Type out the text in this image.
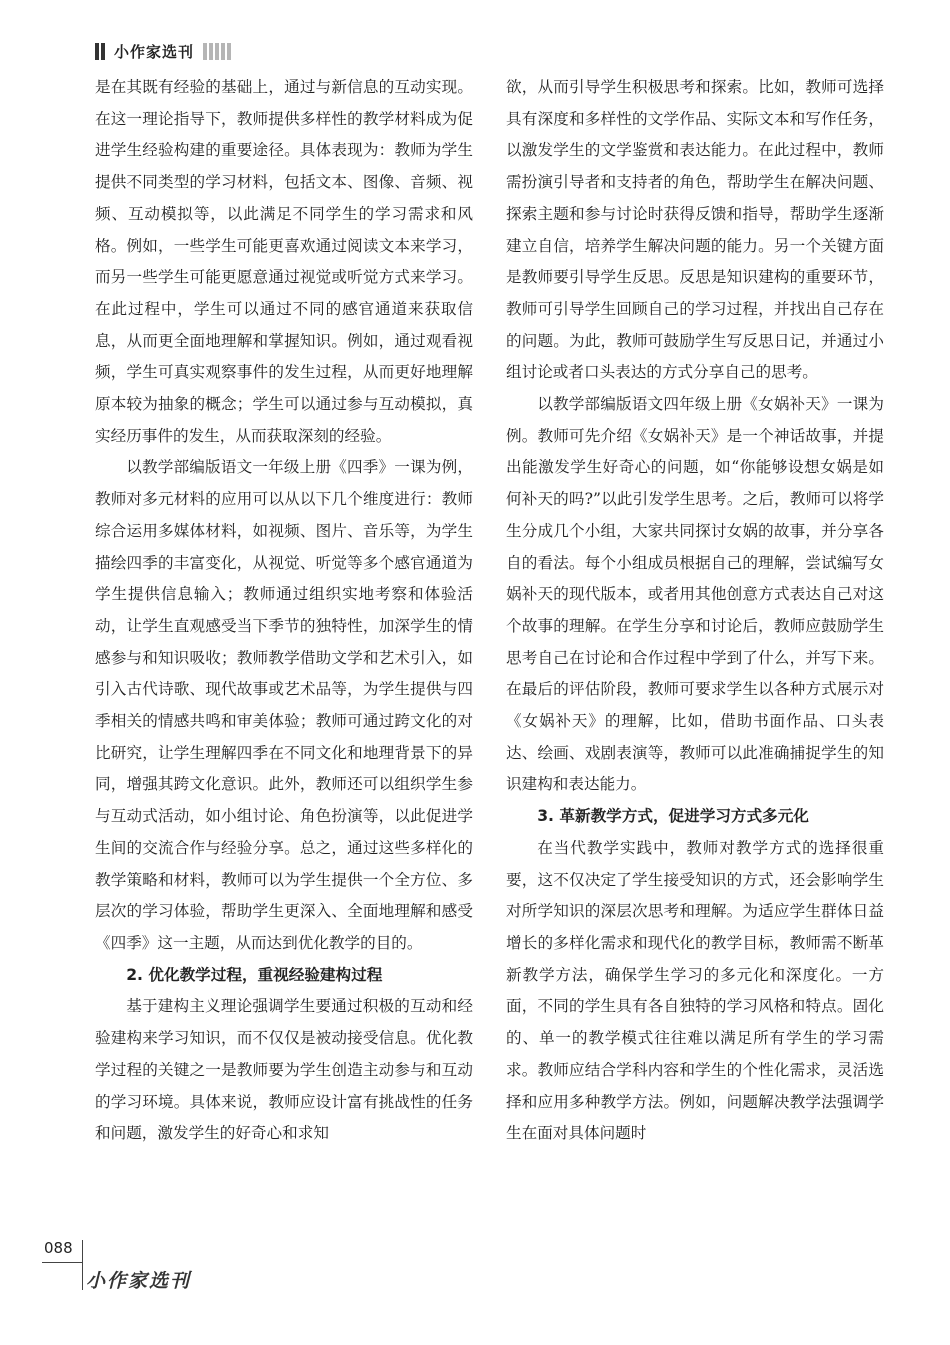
小作家选刊

是在其既有经验的基础上，通过与新信息的互动实现。在这一理论指导下，教师提供多样性的教学材料成为促进学生经验构建的重要途径。具体表现为：教师为学生提供不同类型的学习材料，包括文本、图像、音频、视频、互动模拟等，以此满足不同学生的学习需求和风格。例如，一些学生可能更喜欢通过阅读文本来学习，而另一些学生可能更愿意通过视觉或听觉方式来学习。在此过程中，学生可以通过不同的感官通道来获取信息，从而更全面地理解和掌握知识。例如，通过观看视频，学生可真实观察事件的发生过程，从而更好地理解原本较为抽象的概念；学生可以通过参与互动模拟，真实经历事件的发生，从而获取深刻的经验。

以教学部编版语文一年级上册《四季》一课为例，教师对多元材料的应用可以从以下几个维度进行：教师综合运用多媒体材料，如视频、图片、音乐等，为学生描绘四季的丰富变化，从视觉、听觉等多个感官通道为学生提供信息输入；教师通过组织实地考察和体验活动，让学生直观感受当下季节的独特性，加深学生的情感参与和知识吸收；教师教学借助文学和艺术引入，如引入古代诗歌、现代故事或艺术品等，为学生提供与四季相关的情感共鸣和审美体验；教师可通过跨文化的对比研究，让学生理解四季在不同文化和地理背景下的异同，增强其跨文化意识。此外，教师还可以组织学生参与互动式活动，如小组讨论、角色扮演等，以此促进学生间的交流合作与经验分享。总之，通过这些多样化的教学策略和材料，教师可以为学生提供一个全方位、多层次的学习体验，帮助学生更深入、全面地理解和感受《四季》这一主题，从而达到优化教学的目的。

2. 优化教学过程，重视经验建构过程

基于建构主义理论强调学生要通过积极的互动和经验建构来学习知识，而不仅仅是被动接受信息。优化教学过程的关键之一是教师要为学生创造主动参与和互动的学习环境。具体来说，教师应设计富有挑战性的任务和问题，激发学生的好奇心和求知

欲，从而引导学生积极思考和探索。比如，教师可选择具有深度和多样性的文学作品、实际文本和写作任务，以激发学生的文学鉴赏和表达能力。在此过程中，教师需扮演引导者和支持者的角色，帮助学生在解决问题、探索主题和参与讨论时获得反馈和指导，帮助学生逐渐建立自信，培养学生解决问题的能力。另一个关键方面是教师要引导学生反思。反思是知识建构的重要环节，教师可引导学生回顾自己的学习过程，并找出自己存在的问题。为此，教师可鼓励学生写反思日记，并通过小组讨论或者口头表达的方式分享自己的思考。

以教学部编版语文四年级上册《女娲补天》一课为例。教师可先介绍《女娲补天》是一个神话故事，并提出能激发学生好奇心的问题，如“你能够设想女娲是如何补天的吗?”以此引发学生思考。之后，教师可以将学生分成几个小组，大家共同探讨女娲的故事，并分享各自的看法。每个小组成员根据自己的理解，尝试编写女娲补天的现代版本，或者用其他创意方式表达自己对这个故事的理解。在学生分享和讨论后，教师应鼓励学生思考自己在讨论和合作过程中学到了什么，并写下来。在最后的评估阶段，教师可要求学生以各种方式展示对《女娲补天》的理解，比如，借助书面作品、口头表达、绘画、戏剧表演等，教师可以此准确捕捉学生的知识建构和表达能力。

3. 革新教学方式，促进学习方式多元化

在当代教学实践中，教师对教学方式的选择很重要，这不仅决定了学生接受知识的方式，还会影响学生对所学知识的深层次思考和理解。为适应学生群体日益增长的多样化需求和现代化的教学目标，教师需不断革新教学方法，确保学生学习的多元化和深度化。一方面，不同的学生具有各自独特的学习风格和特点。固化的、单一的教学模式往往难以满足所有学生的学习需求。教师应结合学科内容和学生的个性化需求，灵活选择和应用多种教学方法。例如，问题解决教学法强调学生在面对具体问题时

088
小作家选刊
